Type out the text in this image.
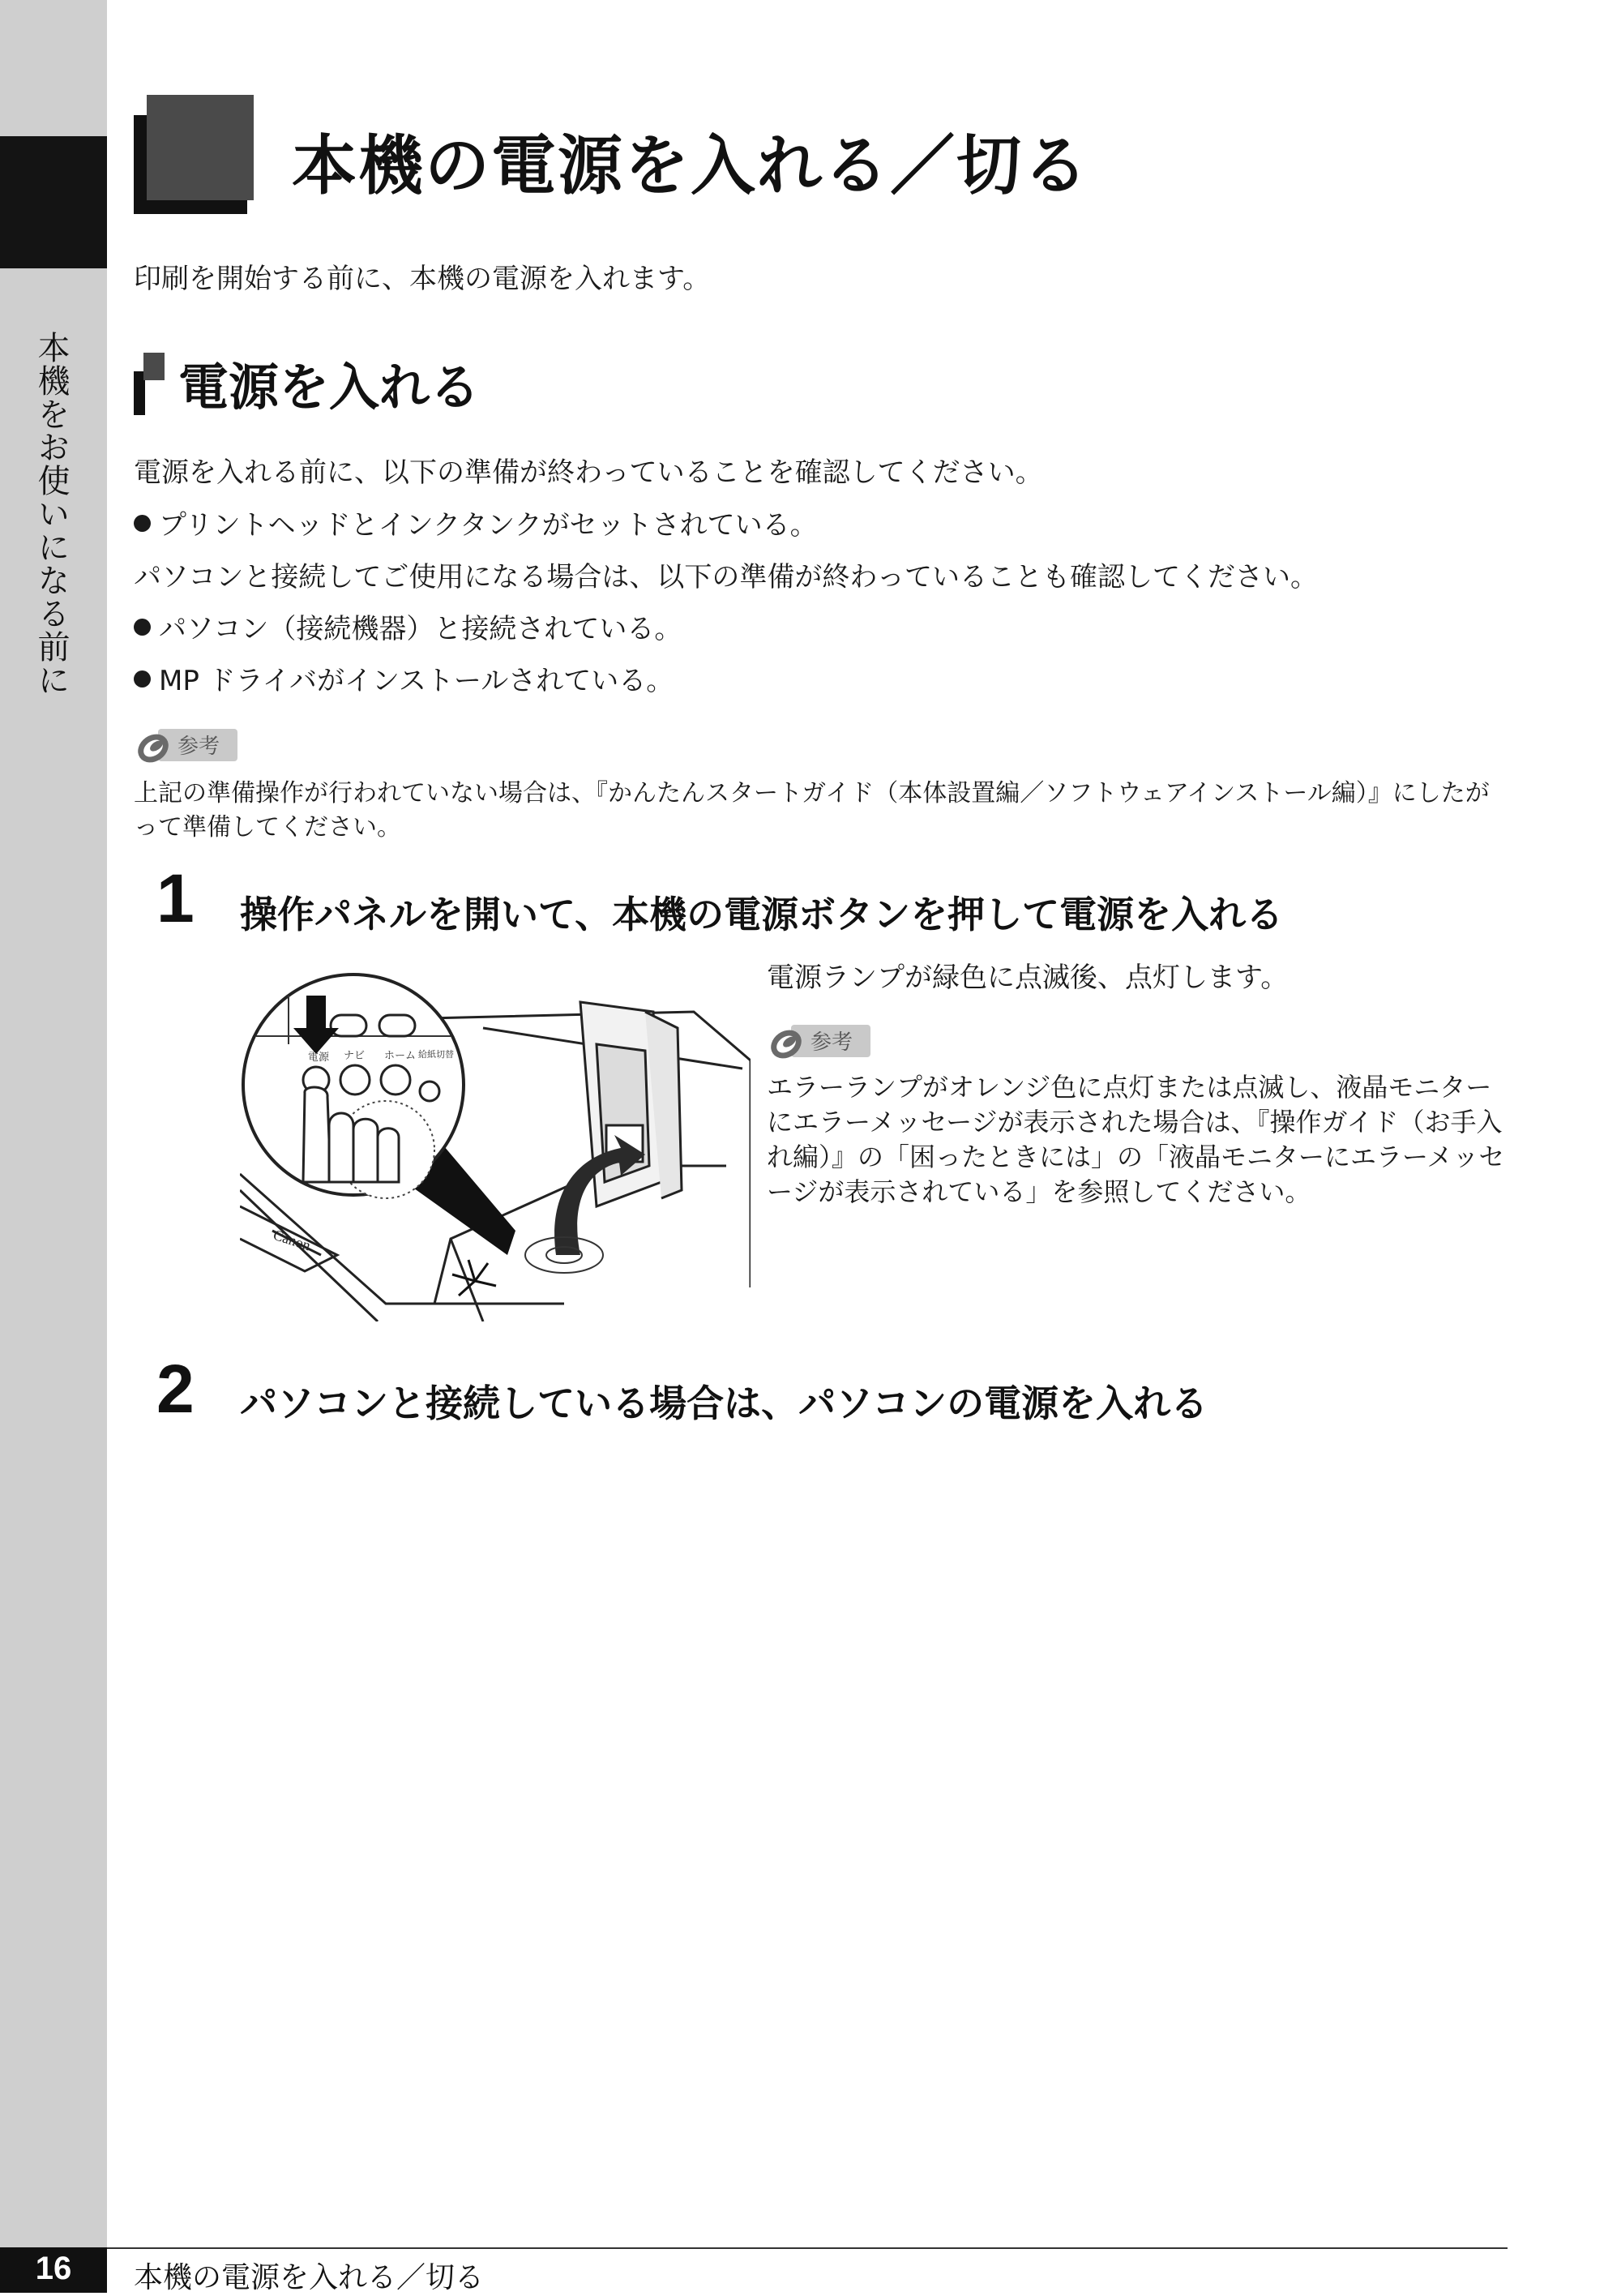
本機をお使いになる前に
本機の電源を入れる／切る
印刷を開始する前に、本機の電源を入れます。
電源を入れる
電源を入れる前に、以下の準備が終わっていることを確認してください。
プリントヘッドとインクタンクがセットされている。
パソコンと接続してご使用になる場合は、以下の準備が終わっていることも確認してください。
パソコン（接続機器）と接続されている。
MP ドライバがインストールされている。
参考
上記の準備操作が行われていない場合は、『かんたんスタートガイド（本体設置編／ソフトウェアインストール編）』にしたがって準備してください。
1 操作パネルを開いて、本機の電源ボタンを押して電源を入れる
Canon
電源 ナビ ホーム 給紙切替
電源ランプが緑色に点滅後、点灯します。
参考
エラーランプがオレンジ色に点灯または点滅し、液晶モニターにエラーメッセージが表示された場合は、『操作ガイド（お手入れ編）』の「困ったときには」の「液晶モニターにエラーメッセージが表示されている」を参照してください。
2 パソコンと接続している場合は、パソコンの電源を入れる
16	本機の電源を入れる／切る
